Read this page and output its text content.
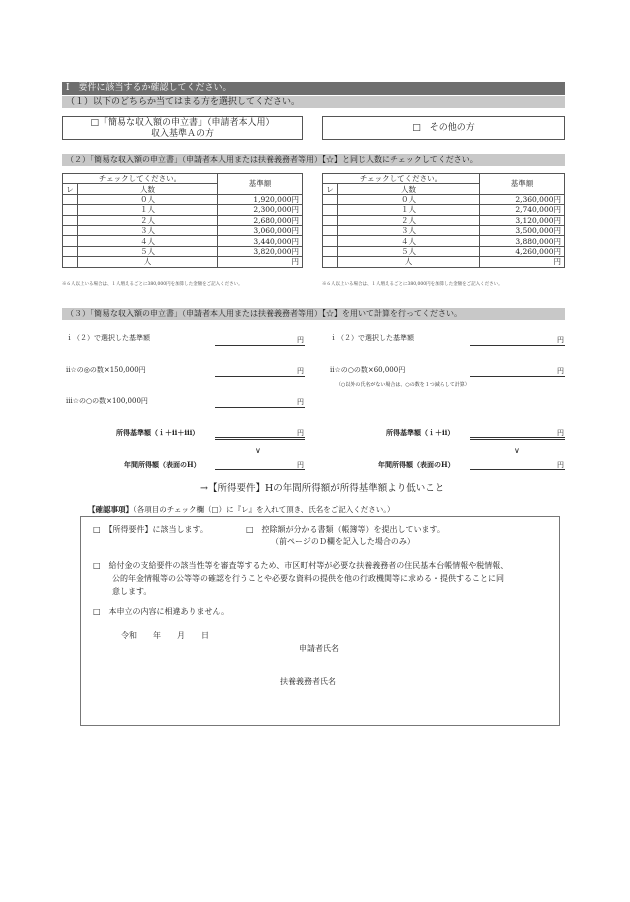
Ⅰ　要件に該当するか確認してください。
（１）以下のどちらか当てはまる方を選択してください。
□「簡易な収入額の申立書」（申請者本人用）
収入基準Ａの方
□　その他の方
（２）「簡易な収入額の申立書」（申請者本人用または扶養義務者等用）【☆】と同じ人数にチェックしてください。
チェックしてください。		基準額
レ	人数	
	０人	1,920,000円
	１人	2,300,000円
	２人	2,680,000円
	３人	3,060,000円
	４人	3,440,000円
	５人	3,820,000円
	人	円
※６人以上いる場合は、１人増えるごとに380,000円を加算した金額をご記入ください。
チェックしてください。		基準額
レ	人数	
	０人	2,360,000円
	１人	2,740,000円
	２人	3,120,000円
	３人	3,500,000円
	４人	3,880,000円
	５人	4,260,000円
	人	円
※６人以上いる場合は、１人増えるごとに380,000円を加算した金額をご記入ください。
（３）「簡易な収入額の申立書」（申請者本人用または扶養義務者等用）【☆】を用いて計算を行ってください。
ｉ（２）で選択した基準額	円
ⅱ☆の◎の数×150,000円	円
ⅲ☆の○の数×100,000円	円
所得基準額（ｉ＋ⅱ＋ⅲ）	円
∨
年間所得額（表面のH）	円
ｉ（２）で選択した基準額	円
ⅱ☆の○の数×60,000円	円
（○以外の氏名がない場合は、○の数を１つ減らして計算）
所得基準額（ｉ＋ⅱ）	円
∨
年間所得額（表面のH）	円
→【所得要件】Hの年間所得額が所得基準額より低いこと
【確認事項】（各項目のチェック欄（□）に『レ』を入れて頂き、氏名をご記入ください。）
□　【所得要件】に該当します。	□　控除額が分かる書類（帳簿等）を提出しています。
（前ページのＤ欄を記入した場合のみ）
□　給付金の支給要件の該当性等を審査等するため、市区町村等が必要な扶養義務者の住民基本台帳情報や税情報、
公的年金情報等の公等等の確認を行うことや必要な資料の提供を他の行政機関等に求める・提供することに同
意します。
□　本申立の内容に相違ありません。
令和　　年　　月　　日
申請者氏名
扶養義務者氏名
